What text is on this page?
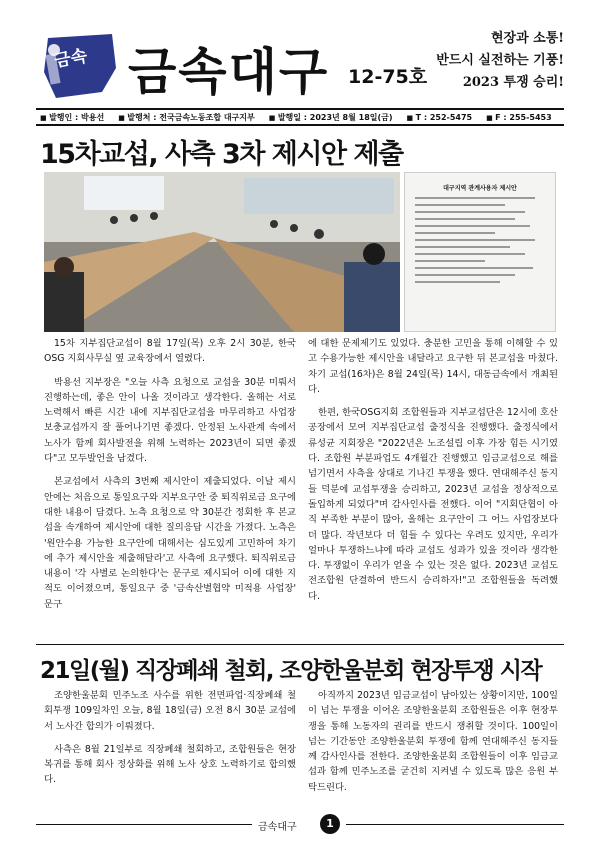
금속 금속대구 12-75호
현장과 소통!
반드시 실전하는 기풍!
2023 투쟁 승리!
■ 발행인 : 박용선	■ 발행처 : 전국금속노동조합 대구지부	■ 발행일 : 2023년 8월 18일(금)	■ T : 252-5475	■ F : 255-5453
15차교섭, 사측 3차 제시안 제출
대구지역 관계사용자 제시안

15차 지부집단교섭이 8월 17일(목) 오후 2시 30분, 한국OSG 지회사무실 옆 교육장에서 열렸다.

박용선 지부장은 "오늘 사측 요청으로 교섭을 30분 미뤄서 진행하는데, 좋은 안이 나올 것이라고 생각한다. 올해는 서로 노력해서 빠른 시간 내에 지부집단교섭을 마무리하고 사업장 보충교섭까지 잘 풀어나기면 좋겠다. 안정된 노사관계 속에서 노사가 함께 회사발전을 위해 노력하는 2023년이 되면 좋겠다"고 모두발언을 남겼다.

본교섭에서 사측의 3번째 제시안이 제출되었다. 이날 제시안에는 처음으로 통일요구와 지부요구안 중 퇴직위로금 요구에 대한 내용이 담겼다. 노측 요청으로 약 30분간 정회한 후 본교섭을 속개하여 제시안에 대한 질의응답 시간을 가졌다. 노측은 '원안수용 가능한 요구안에 대해서는 심도있게 고민하여 차기에 추가 제시안을 제출해달라'고 사측에 요구했다. 퇴직위로금 내용이 '각 사별로 논의한다'는 문구로 제시되어 이에 대한 지적도 이어졌으며, 통일요구 중 '금속산별협약 미적용 사업장' 문구

에 대한 문제제기도 있었다. 충분한 고민을 통해 이해할 수 있고 수용가능한 제시안을 내달라고 요구한 뒤 본교섭을 마쳤다. 차기 교섭(16차)은 8월 24일(목) 14시, 대동금속에서 개최된다.

한편, 한국OSG지회 조합원들과 지부교섭단은 12시에 호산공장에서 모여 지부집단교섭 출정식을 진행했다. 출정식에서 류성균 지회장은 "2022년은 노조설립 이후 가장 힘든 시기였다. 조합원 부분파업도 4개월간 진행했고 임금교섭으로 해를 넘기면서 사측을 상대로 기나긴 투쟁을 했다. 연대해주신 동지들 덕분에 교섭투쟁을 승리하고, 2023년 교섭을 정상적으로 돌입하게 되었다"며 감사인사를 전했다. 이어 "지회단협이 아직 부족한 부분이 많아, 올해는 요구안이 그 어느 사업장보다 더 많다. 작년보다 더 힘들 수 있다는 우려도 있지만, 우리가 얼마나 투쟁하느냐에 따라 교섭도 성과가 있을 것이라 생각한다. 투쟁없이 우리가 얻을 수 있는 것은 없다. 2023년 교섭도 전조합원 단결하여 반드시 승리하자!"고 조합원들을 독려했다.

21일(월) 직장폐쇄 철회, 조양한울분회 현장투쟁 시작

조양한울분회 민주노조 사수를 위한 전면파업·직장폐쇄 철회투쟁 109일차인 오늘, 8월 18일(금) 오전 8시 30분 교섭에서 노사간 합의가 이뤄졌다.

사측은 8월 21일부로 직장폐쇄 철회하고, 조합원들은 현장복귀를 통해 회사 정상화를 위해 노사 상호 노력하기로 합의했다.

아직까지 2023년 임금교섭이 남아있는 상황이지만, 100일이 넘는 투쟁을 이어온 조양한울분회 조합원들은 이후 현장투쟁을 통해 노동자의 권리를 반드시 쟁취할 것이다. 100일이 넘는 기간동안 조양한울분회 투쟁에 함께 연대해주신 동지들께 감사인사를 전한다. 조양한울분회 조합원들이 이후 임금교섭과 함께 민주노조를 굳건히 지켜낼 수 있도록 많은 응원 부탁드린다.

금속대구	1
